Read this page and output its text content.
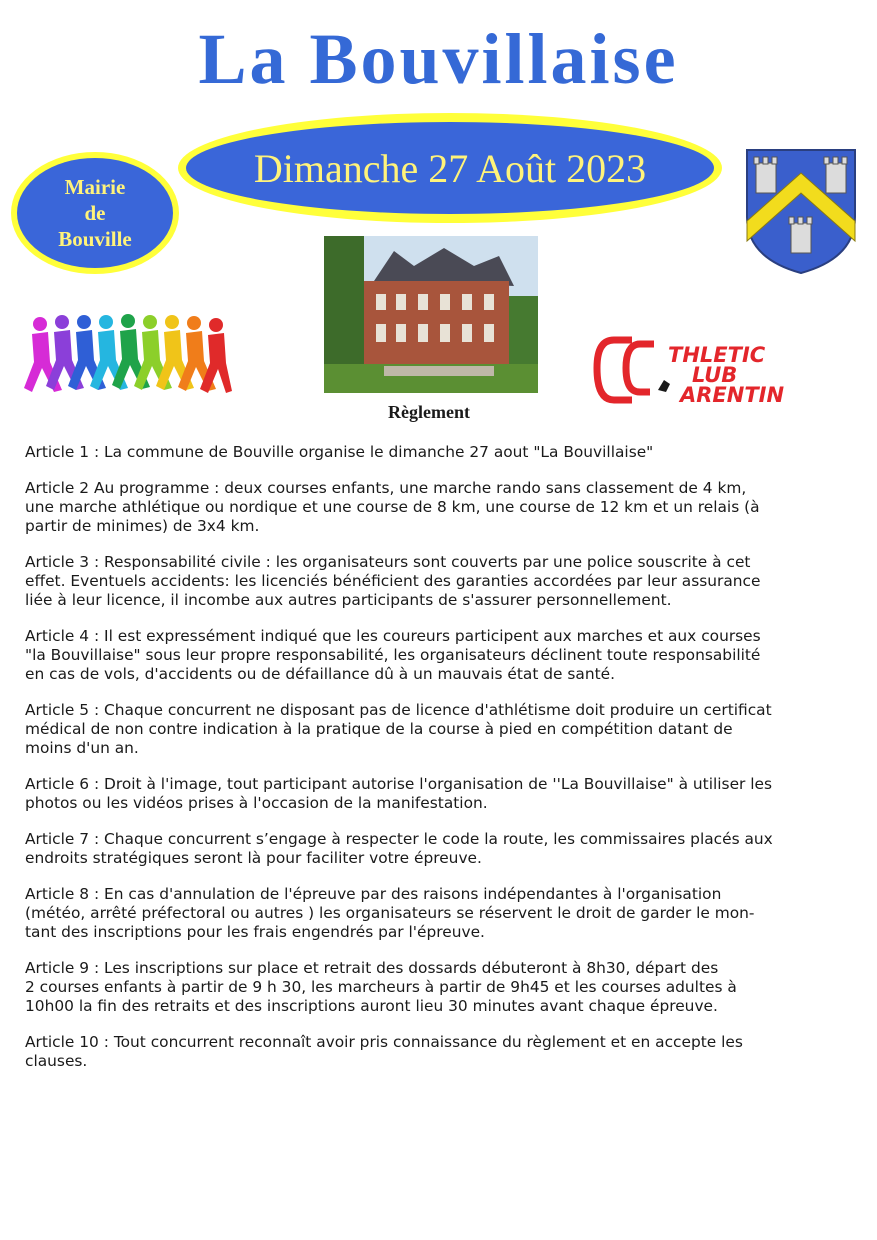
La Bouvillaise
Dimanche 27 Août 2023
Mairie
de
Bouville
THLETIC
LUB
ARENTIN
Règlement

Article 1 : La commune de Bouville organise le dimanche 27 aout "La Bouvillaise"

Article 2 Au programme : deux courses enfants, une marche rando sans classement de 4 km,
une marche athlétique ou nordique et une course de 8 km, une course de 12 km et un relais (à
partir de minimes) de 3x4 km.

Article 3 : Responsabilité civile : les organisateurs sont couverts par une police souscrite à cet
effet. Eventuels accidents: les licenciés bénéficient des garanties accordées par leur assurance
liée à leur licence, il incombe aux autres participants de s'assurer personnellement.

Article 4 : Il est expressément indiqué que les coureurs participent aux marches et aux courses
"la Bouvillaise" sous leur propre responsabilité, les organisateurs déclinent toute responsabilité
en cas de vols, d'accidents ou de défaillance dû à un mauvais état de santé.

Article 5 : Chaque concurrent ne disposant pas de licence d'athlétisme doit produire un certificat
médical de non contre indication à la pratique de la course à pied en compétition datant de
moins d'un an.

Article 6 : Droit à l'image, tout participant autorise l'organisation de ''La Bouvillaise" à utiliser les
photos ou les vidéos prises à l'occasion de la manifestation.

Article 7 : Chaque concurrent s’engage à respecter le code la route, les commissaires placés aux
endroits stratégiques seront là pour faciliter votre épreuve.

Article 8 : En cas d'annulation de l'épreuve par des raisons indépendantes à l'organisation
(météo, arrêté préfectoral ou autres ) les organisateurs se réservent le droit de garder le mon-
tant des inscriptions pour les frais engendrés par l'épreuve.

Article 9 : Les inscriptions sur place et retrait des dossards débuteront à 8h30, départ des
2 courses enfants à partir de 9 h 30, les marcheurs à partir de 9h45 et les courses adultes à
10h00 la fin des retraits et des inscriptions auront lieu 30 minutes avant chaque épreuve.

Article 10 : Tout concurrent reconnaît avoir pris connaissance du règlement et en accepte les
clauses.
